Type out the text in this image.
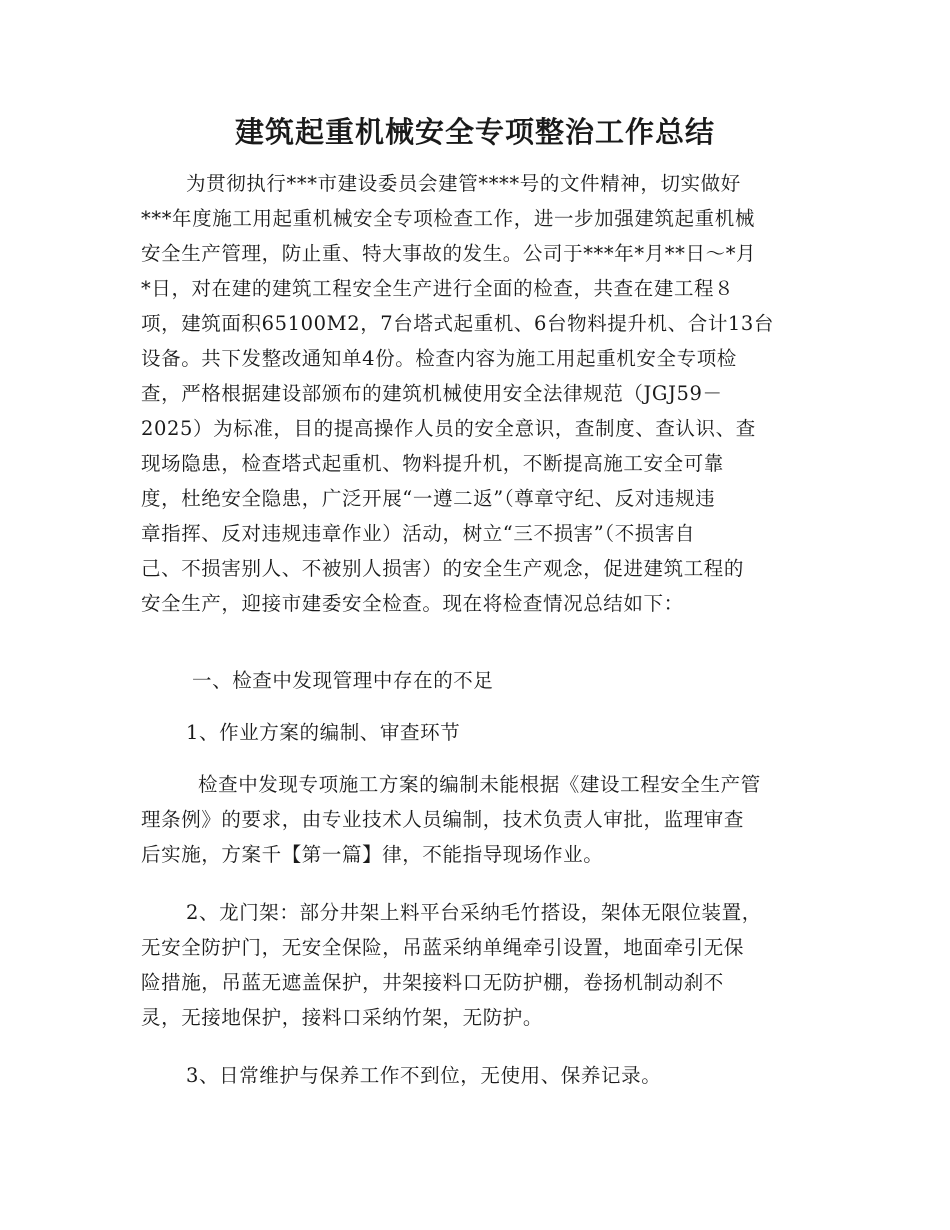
建筑起重机械安全专项整治工作总结
为贯彻执行***市建设委员会建管****号的文件精神，切实做好
***年度施工用起重机械安全专项检查工作，进一步加强建筑起重机械
安全生产管理，防止重、特大事故的发生。公司于***年*月**日～*月
*日，对在建的建筑工程安全生产进行全面的检查，共查在建工程８
项，建筑面积65100M2，7台塔式起重机、6台物料提升机、合计13台
设备。共下发整改通知单4份。检查内容为施工用起重机安全专项检
查，严格根据建设部颁布的建筑机械使用安全法律规范（JGJ59－
2025）为标准，目的提高操作人员的安全意识，查制度、查认识、查
现场隐患，检查塔式起重机、物料提升机，不断提高施工安全可靠
度，杜绝安全隐患，广泛开展“一遵二返”（尊章守纪、反对违规违
章指挥、反对违规违章作业）活动，树立“三不损害”（不损害自
己、不损害别人、不被别人损害）的安全生产观念，促进建筑工程的
安全生产，迎接市建委安全检查。现在将检查情况总结如下：
一、检查中发现管理中存在的不足
1、作业方案的编制、审查环节
检查中发现专项施工方案的编制未能根据《建设工程安全生产管
理条例》的要求，由专业技术人员编制，技术负责人审批，监理审查
后实施，方案千【第一篇】律，不能指导现场作业。
2、龙门架：部分井架上料平台采纳毛竹搭设，架体无限位装置，
无安全防护门，无安全保险，吊蓝采纳单绳牵引设置，地面牵引无保
险措施，吊蓝无遮盖保护，井架接料口无防护棚，卷扬机制动刹不
灵，无接地保护，接料口采纳竹架，无防护。
3、日常维护与保养工作不到位，无使用、保养记录。
